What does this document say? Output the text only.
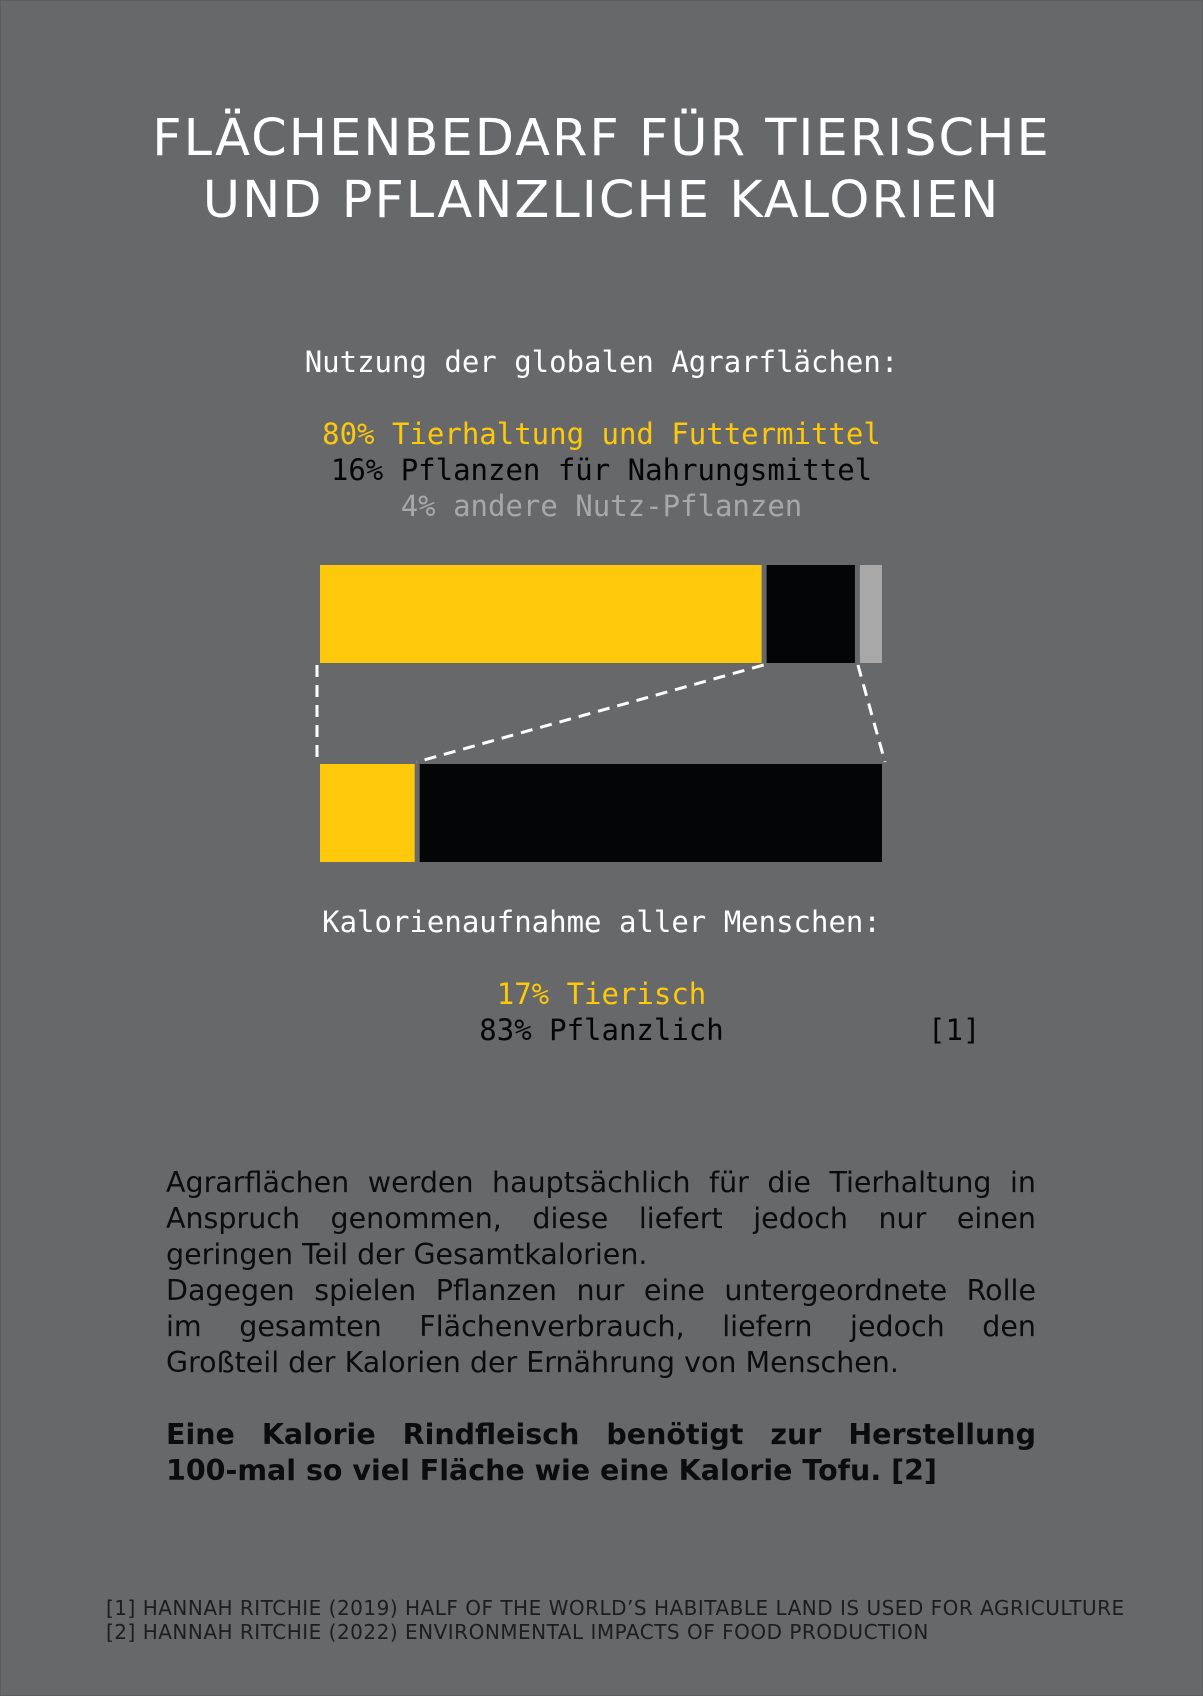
FLÄCHENBEDARF FÜR TIERISCHE
UND PFLANZLICHE KALORIEN
Nutzung der globalen Agrarflächen:
80% Tierhaltung und Futtermittel
16% Pflanzen für Nahrungsmittel
4% andere Nutz-Pflanzen
Kalorienaufnahme aller Menschen:
17% Tierisch
83% Pflanzlich	[1]
Agrarflächen werden hauptsächlich für die Tierhaltung in
Anspruch genommen, diese liefert jedoch nur einen
geringen Teil der Gesamtkalorien.
Dagegen spielen Pflanzen nur eine untergeordnete Rolle
im gesamten Flächenverbrauch, liefern jedoch den
Großteil der Kalorien der Ernährung von Menschen.
Eine Kalorie Rindfleisch benötigt zur Herstellung
100-mal so viel Fläche wie eine Kalorie Tofu. [2]
[1] HANNAH RITCHIE (2019) HALF OF THE WORLD’S HABITABLE LAND IS USED FOR AGRICULTURE
[2] HANNAH RITCHIE (2022) ENVIRONMENTAL IMPACTS OF FOOD PRODUCTION
